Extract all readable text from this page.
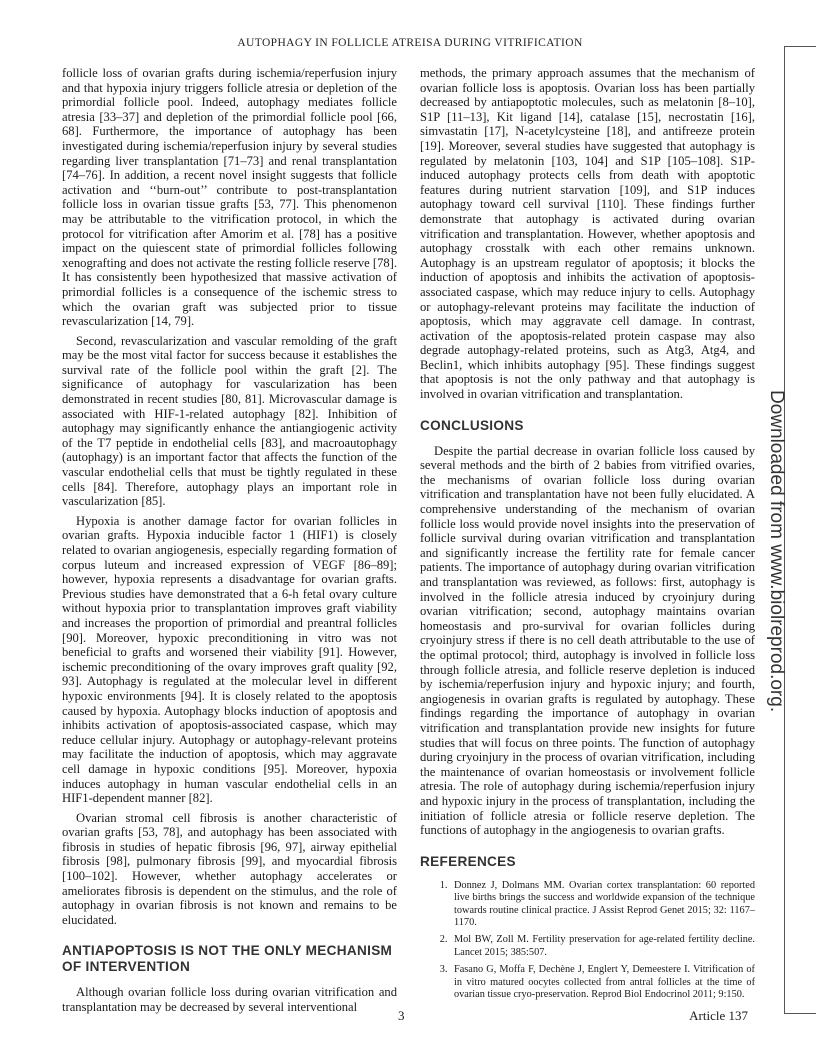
AUTOPHAGY IN FOLLICLE ATREISA DURING VITRIFICATION

follicle loss of ovarian grafts during ischemia/reperfusion injury and that hypoxia injury triggers follicle atresia or depletion of the primordial follicle pool. Indeed, autophagy mediates follicle atresia [33–37] and depletion of the primordial follicle pool [66, 68]. Furthermore, the importance of autophagy has been investigated during ischemia/reperfusion injury by several studies regarding liver transplantation [71–73] and renal transplantation [74–76]. In addition, a recent novel insight suggests that follicle activation and ‘‘burn-out’’ contribute to post-transplantation follicle loss in ovarian tissue grafts [53, 77]. This phenomenon may be attributable to the vitrification protocol, in which the protocol for vitrification after Amorim et al. [78] has a positive impact on the quiescent state of primordial follicles following xenografting and does not activate the resting follicle reserve [78]. It has consistently been hypothesized that massive activation of primordial follicles is a consequence of the ischemic stress to which the ovarian graft was subjected prior to tissue revascularization [14, 79].

Second, revascularization and vascular remolding of the graft may be the most vital factor for success because it establishes the survival rate of the follicle pool within the graft [2]. The significance of autophagy for vascularization has been demonstrated in recent studies [80, 81]. Microvascular damage is associated with HIF-1-related autophagy [82]. Inhibition of autophagy may significantly enhance the antiangiogenic activity of the T7 peptide in endothelial cells [83], and macroautophagy (autophagy) is an important factor that affects the function of the vascular endothelial cells that must be tightly regulated in these cells [84]. Therefore, autophagy plays an important role in vascularization [85].

Hypoxia is another damage factor for ovarian follicles in ovarian grafts. Hypoxia inducible factor 1 (HIF1) is closely related to ovarian angiogenesis, especially regarding formation of corpus luteum and increased expression of VEGF [86–89]; however, hypoxia represents a disadvantage for ovarian grafts. Previous studies have demonstrated that a 6-h fetal ovary culture without hypoxia prior to transplantation improves graft viability and increases the proportion of primordial and preantral follicles [90]. Moreover, hypoxic preconditioning in vitro was not beneficial to grafts and worsened their viability [91]. However, ischemic preconditioning of the ovary improves graft quality [92, 93]. Autophagy is regulated at the molecular level in different hypoxic environments [94]. It is closely related to the apoptosis caused by hypoxia. Autophagy blocks induction of apoptosis and inhibits activation of apoptosis-associated caspase, which may reduce cellular injury. Autophagy or autophagy-relevant proteins may facilitate the induction of apoptosis, which may aggravate cell damage in hypoxic conditions [95]. Moreover, hypoxia induces autophagy in human vascular endothelial cells in an HIF1-dependent manner [82].

Ovarian stromal cell fibrosis is another characteristic of ovarian grafts [53, 78], and autophagy has been associated with fibrosis in studies of hepatic fibrosis [96, 97], airway epithelial fibrosis [98], pulmonary fibrosis [99], and myocardial fibrosis [100–102]. However, whether autophagy accelerates or ameliorates fibrosis is dependent on the stimulus, and the role of autophagy in ovarian fibrosis is not known and remains to be elucidated.

ANTIAPOPTOSIS IS NOT THE ONLY MECHANISM OF INTERVENTION

Although ovarian follicle loss during ovarian vitrification and transplantation may be decreased by several interventional

methods, the primary approach assumes that the mechanism of ovarian follicle loss is apoptosis. Ovarian loss has been partially decreased by antiapoptotic molecules, such as melatonin [8–10], S1P [11–13], Kit ligand [14], catalase [15], necrostatin [16], simvastatin [17], N-acetylcysteine [18], and antifreeze protein [19]. Moreover, several studies have suggested that autophagy is regulated by melatonin [103, 104] and S1P [105–108]. S1P-induced autophagy protects cells from death with apoptotic features during nutrient starvation [109], and S1P induces autophagy toward cell survival [110]. These findings further demonstrate that autophagy is activated during ovarian vitrification and transplantation. However, whether apoptosis and autophagy crosstalk with each other remains unknown. Autophagy is an upstream regulator of apoptosis; it blocks the induction of apoptosis and inhibits the activation of apoptosis-associated caspase, which may reduce injury to cells. Autophagy or autophagy-relevant proteins may facilitate the induction of apoptosis, which may aggravate cell damage. In contrast, activation of the apoptosis-related protein caspase may also degrade autophagy-related proteins, such as Atg3, Atg4, and Beclin1, which inhibits autophagy [95]. These findings suggest that apoptosis is not the only pathway and that autophagy is involved in ovarian vitrification and transplantation.

CONCLUSIONS

Despite the partial decrease in ovarian follicle loss caused by several methods and the birth of 2 babies from vitrified ovaries, the mechanisms of ovarian follicle loss during ovarian vitrification and transplantation have not been fully elucidated. A comprehensive understanding of the mechanism of ovarian follicle loss would provide novel insights into the preservation of follicle survival during ovarian vitrification and transplantation and significantly increase the fertility rate for female cancer patients. The importance of autophagy during ovarian vitrification and transplantation was reviewed, as follows: first, autophagy is involved in the follicle atresia induced by cryoinjury during ovarian vitrification; second, autophagy maintains ovarian homeostasis and pro-survival for ovarian follicles during cryoinjury stress if there is no cell death attributable to the use of the optimal protocol; third, autophagy is involved in follicle loss through follicle atresia, and follicle reserve depletion is induced by ischemia/reperfusion injury and hypoxic injury; and fourth, angiogenesis in ovarian grafts is regulated by autophagy. These findings regarding the importance of autophagy in ovarian vitrification and transplantation provide new insights for future studies that will focus on three points. The function of autophagy during cryoinjury in the process of ovarian vitrification, including the maintenance of ovarian homeostasis or involvement follicle atresia. The role of autophagy during ischemia/reperfusion injury and hypoxic injury in the process of transplantation, including the initiation of follicle atresia or follicle reserve depletion. The functions of autophagy in the angiogenesis to ovarian grafts.

REFERENCES
1. Donnez J, Dolmans MM. Ovarian cortex transplantation: 60 reported live births brings the success and worldwide expansion of the technique towards routine clinical practice. J Assist Reprod Genet 2015; 32: 1167–1170.
2. Mol BW, Zoll M. Fertility preservation for age-related fertility decline. Lancet 2015; 385:507.
3. Fasano G, Moffa F, Dechène J, Englert Y, Demeestere I. Vitrification of in vitro matured oocytes collected from antral follicles at the time of ovarian tissue cryo-preservation. Reprod Biol Endocrinol 2011; 9:150.
3	Article 137
Downloaded from www.biolreprod.org.
